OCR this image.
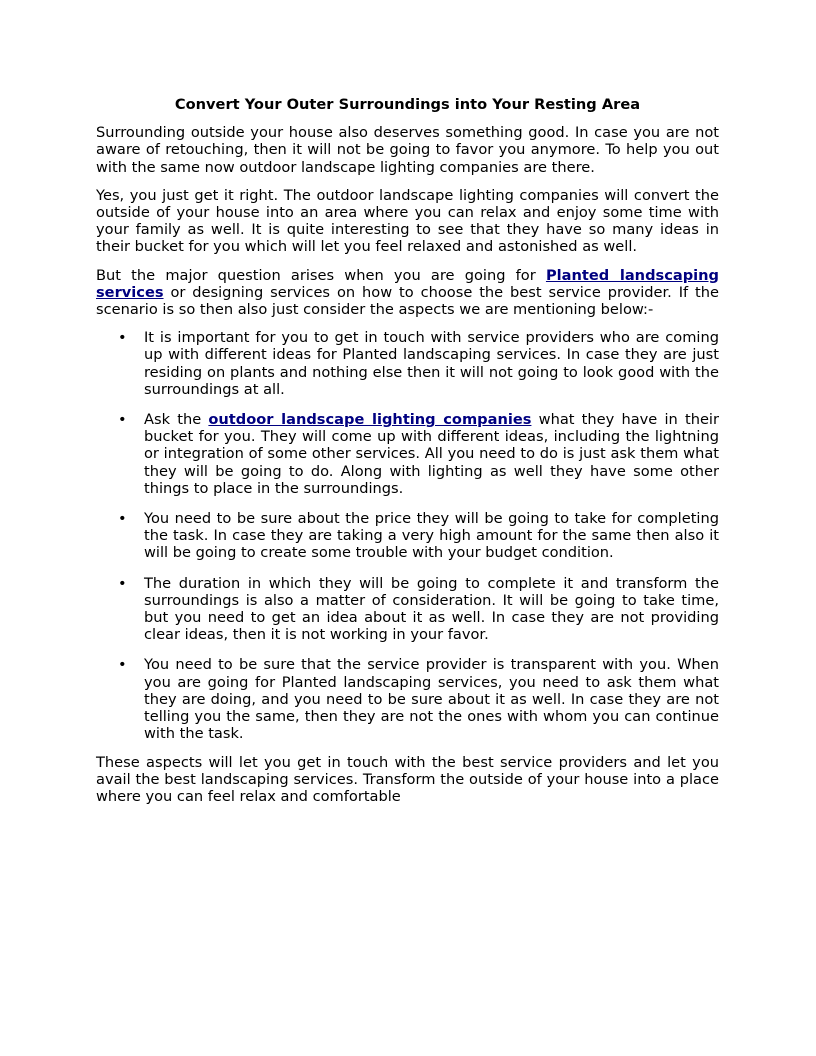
Convert Your Outer Surroundings into Your Resting Area

Surrounding outside your house also deserves something good. In case you are not aware of retouching, then it will not be going to favor you anymore. To help you out with the same now outdoor landscape lighting companies are there.

Yes, you just get it right. The outdoor landscape lighting companies will convert the outside of your house into an area where you can relax and enjoy some time with your family as well. It is quite interesting to see that they have so many ideas in their bucket for you which will let you feel relaxed and astonished as well.

But the major question arises when you are going for Planted landscaping services or designing services on how to choose the best service provider. If the scenario is so then also just consider the aspects we are mentioning below:-

• It is important for you to get in touch with service providers who are coming up with different ideas for Planted landscaping services. In case they are just residing on plants and nothing else then it will not going to look good with the surroundings at all.
• Ask the outdoor landscape lighting companies what they have in their bucket for you. They will come up with different ideas, including the lightning or integration of some other services. All you need to do is just ask them what they will be going to do. Along with lighting as well they have some other things to place in the surroundings.
• You need to be sure about the price they will be going to take for completing the task. In case they are taking a very high amount for the same then also it will be going to create some trouble with your budget condition.
• The duration in which they will be going to complete it and transform the surroundings is also a matter of consideration. It will be going to take time, but you need to get an idea about it as well. In case they are not providing clear ideas, then it is not working in your favor.
• You need to be sure that the service provider is transparent with you. When you are going for Planted landscaping services, you need to ask them what they are doing, and you need to be sure about it as well. In case they are not telling you the same, then they are not the ones with whom you can continue with the task.

These aspects will let you get in touch with the best service providers and let you avail the best landscaping services. Transform the outside of your house into a place where you can feel relax and comfortable
